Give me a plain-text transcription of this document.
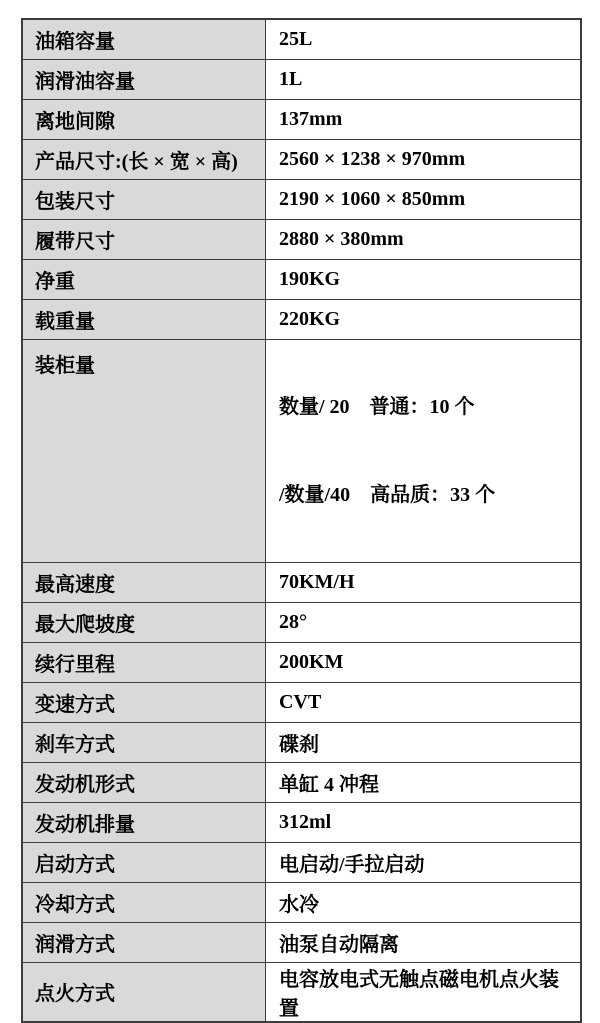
油箱容量	25L
润滑油容量	1L
离地间隙	137mm
产品尺寸:(长 × 宽 × 高)	2560 × 1238 × 970mm
包装尺寸	2190 × 1060 × 850mm
履带尺寸	2880 × 380mm
净重	190KG
载重量	220KG
装柜量	数量/ 20    普通：10 个

/数量/40    高品质：33 个

最高速度	70KM/H
最大爬坡度	28°
续行里程	200KM
变速方式	CVT
刹车方式	碟刹
发动机形式	单缸 4 冲程
发动机排量	312ml
启动方式	电启动/手拉启动
冷却方式	水冷
润滑方式	油泵自动隔离
点火方式	电容放电式无触点磁电机点火装置
